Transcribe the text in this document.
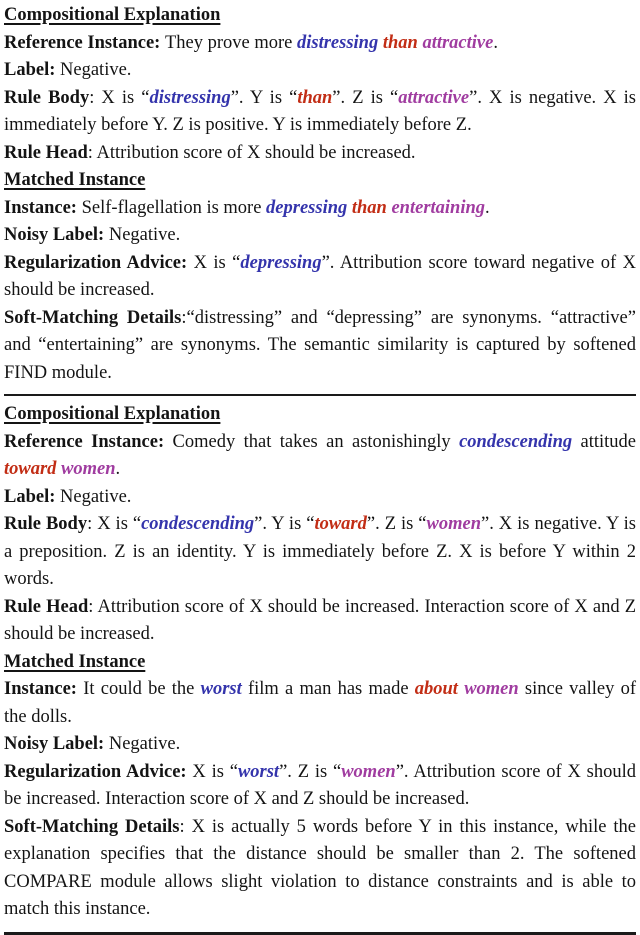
Compositional Explanation

Reference Instance: They prove more distressing than attractive.

Label: Negative.

Rule Body: X is “distressing”. Y is “than”. Z is “attractive”. X is negative. X is immediately before Y. Z is positive. Y is immediately before Z.

Rule Head: Attribution score of X should be increased.

Matched Instance

Instance: Self-flagellation is more depressing than entertaining.

Noisy Label: Negative.

Regularization Advice: X is “depressing”. Attribution score toward negative of X should be increased.

Soft-Matching Details:“distressing” and “depressing” are synonyms. “attractive” and “entertaining” are synonyms. The semantic similarity is captured by softened FIND module.

Compositional Explanation

Reference Instance: Comedy that takes an astonishingly condescending attitude toward women.

Label: Negative.

Rule Body: X is “condescending”. Y is “toward”. Z is “women”. X is negative. Y is a preposition. Z is an identity. Y is immediately before Z. X is before Y within 2 words.

Rule Head: Attribution score of X should be increased. Interaction score of X and Z should be increased.

Matched Instance

Instance: It could be the worst film a man has made about women since valley of the dolls.

Noisy Label: Negative.

Regularization Advice: X is “worst”. Z is “women”. Attribution score of X should be increased. Interaction score of X and Z should be increased.

Soft-Matching Details: X is actually 5 words before Y in this instance, while the explanation specifies that the distance should be smaller than 2. The softened COMPARE module allows slight violation to distance constraints and is able to match this instance.
